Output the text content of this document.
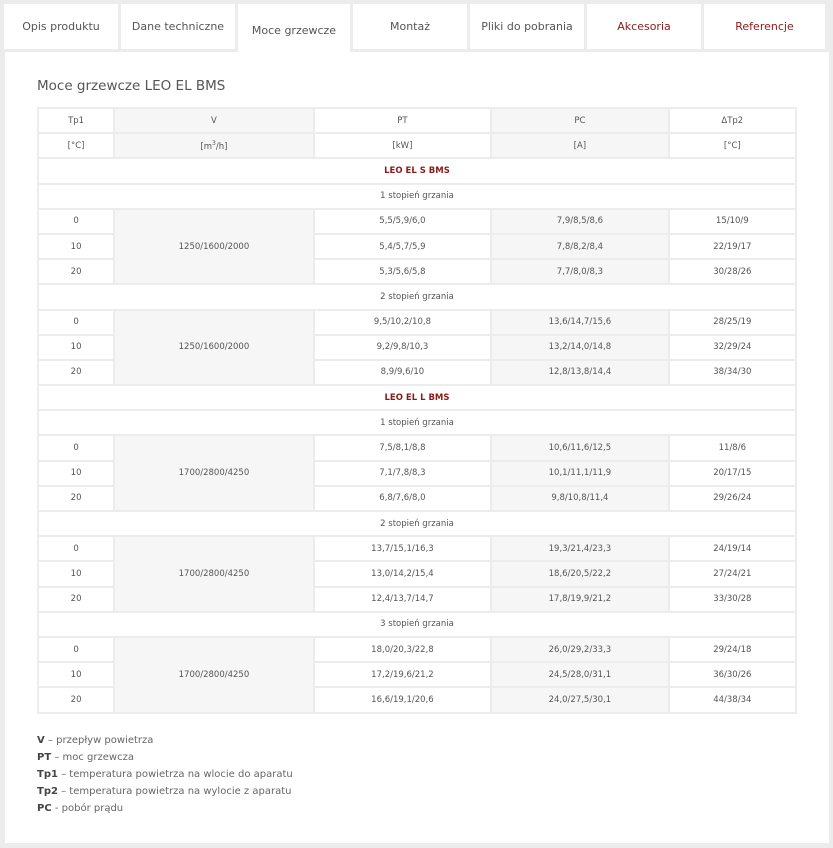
Opis produktu	Dane techniczne	Moce grzewcze	Montaż	Pliki do pobrania	Akcesoria	Referencje
Moce grzewcze LEO EL BMS
Tp1	V	PT	PC	ΔTp2
[°C]	$[m^3/h]$	[kW]	[A]	[°C]
LEO EL S BMS				
1 stopień grzania				
0	1250/1600/2000	5,5/5,9/6,0	7,9/8,5/8,6	15/10/9
10		5,4/5,7/5,9	7,8/8,2/8,4	22/19/17
20		5,3/5,6/5,8	7,7/8,0/8,3	30/28/26
2 stopień grzania				
0	1250/1600/2000	9,5/10,2/10,8	13,6/14,7/15,6	28/25/19
10		9,2/9,8/10,3	13,2/14,0/14,8	32/29/24
20		8,9/9,6/10	12,8/13,8/14,4	38/34/30
LEO EL L BMS				
1 stopień grzania				
0	1700/2800/4250	7,5/8,1/8,8	10,6/11,6/12,5	11/8/6
10		7,1/7,8/8,3	10,1/11,1/11,9	20/17/15
20		6,8/7,6/8,0	9,8/10,8/11,4	29/26/24
2 stopień grzania				
0	1700/2800/4250	13,7/15,1/16,3	19,3/21,4/23,3	24/19/14
10		13,0/14,2/15,4	18,6/20,5/22,2	27/24/21
20		12,4/13,7/14,7	17,8/19,9/21,2	33/30/28
3 stopień grzania				
0	1700/2800/4250	18,0/20,3/22,8	26,0/29,2/33,3	29/24/18
10		17,2/19,6/21,2	24,5/28,0/31,1	36/30/26
20		16,6/19,1/20,6	24,0/27,5/30,1	44/38/34
V – przepływ powietrza
PT – moc grzewcza
Tp1 – temperatura powietrza na wlocie do aparatu
Tp2 – temperatura powietrza na wylocie z aparatu
PC - pobór prądu
